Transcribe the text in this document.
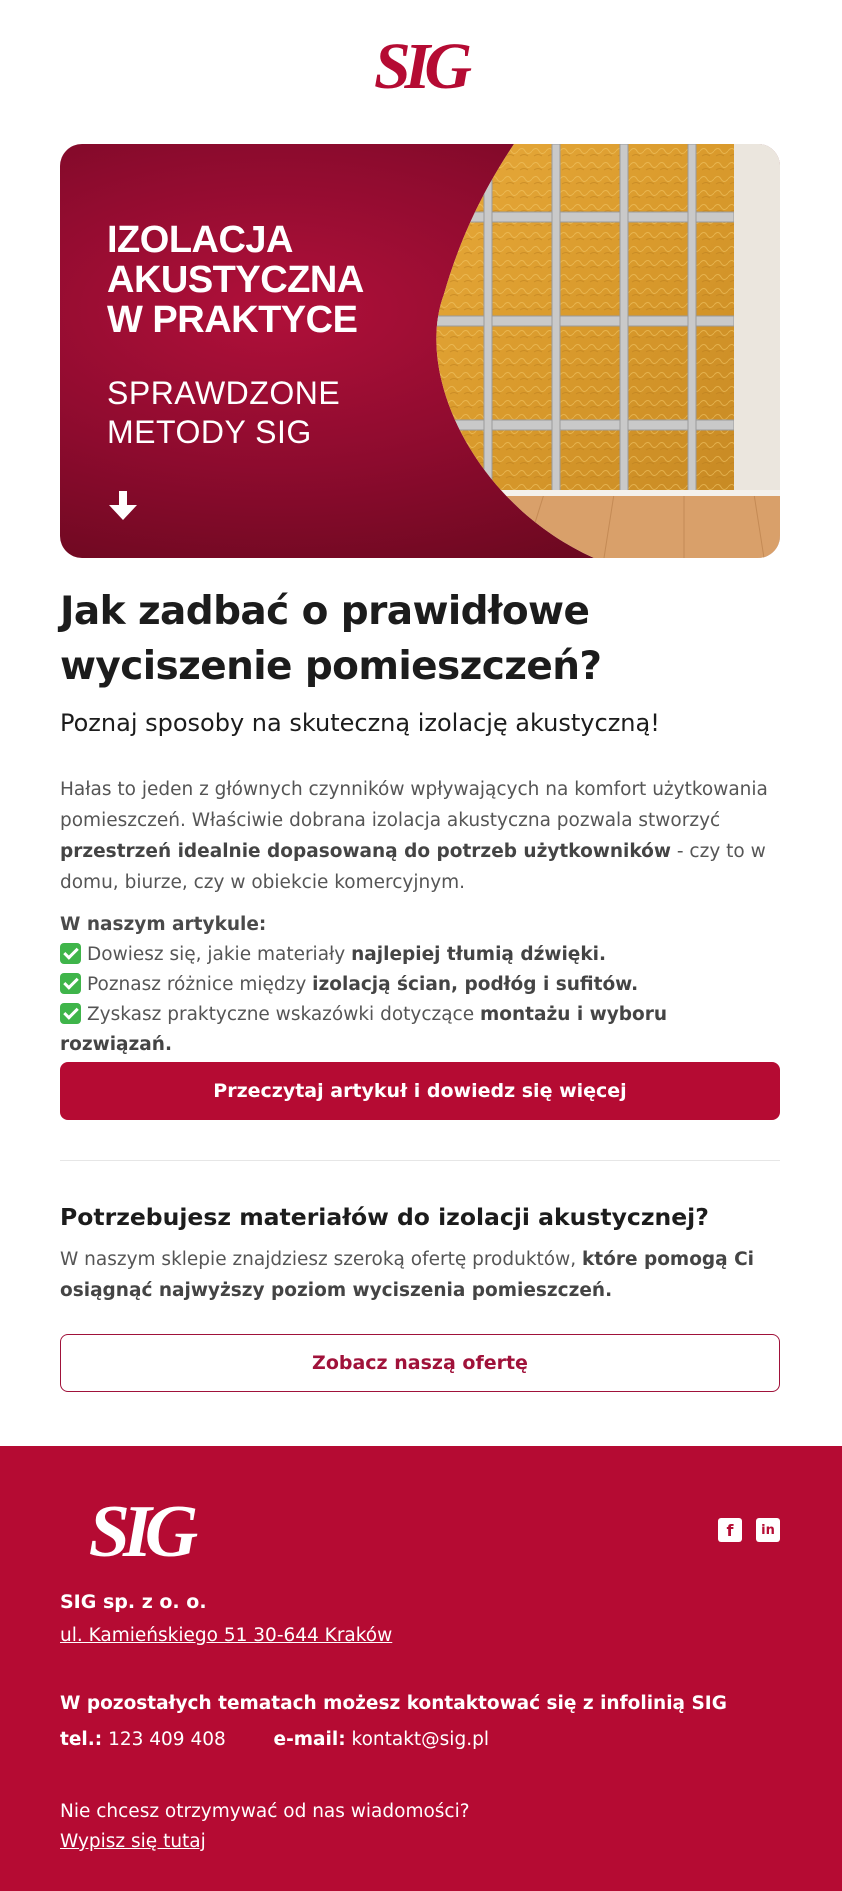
SIG
IZOLACJA
AKUSTYCZNA
W PRAKTYCE
SPRAWDZONE
METODY SIG
Jak zadbać o prawidłowe
wyciszenie pomieszczeń?

Poznaj sposoby na skuteczną izolację akustyczną!

Hałas to jeden z głównych czynników wpływających na komfort użytkowania pomieszczeń. Właściwie dobrana izolacja akustyczna pozwala stworzyć przestrzeń idealnie dopasowaną do potrzeb użytkowników - czy to w domu, biurze, czy w obiekcie komercyjnym.

W naszym artykule:
Dowiesz się, jakie materiały najlepiej tłumią dźwięki.
Poznasz różnice między izolacją ścian, podłóg i sufitów.
Zyskasz praktyczne wskazówki dotyczące montażu i wyboru rozwiązań.
Przeczytaj artykuł i dowiedz się więcej
Potrzebujesz materiałów do izolacji akustycznej?

W naszym sklepie znajdziesz szeroką ofertę produktów, które pomogą Ci osiągnąć najwyższy poziom wyciszenia pomieszczeń.

Zobacz naszą ofertę
SIG	f	in
SIG sp. z o. o.
ul. Kamieńskiego 51 30-644 Kraków
W pozostałych tematach możesz kontaktować się z infolinią SIG
tel.: 123 409 408	e-mail: kontakt@sig.pl
Nie chcesz otrzymywać od nas wiadomości?
Wypisz się tutaj
